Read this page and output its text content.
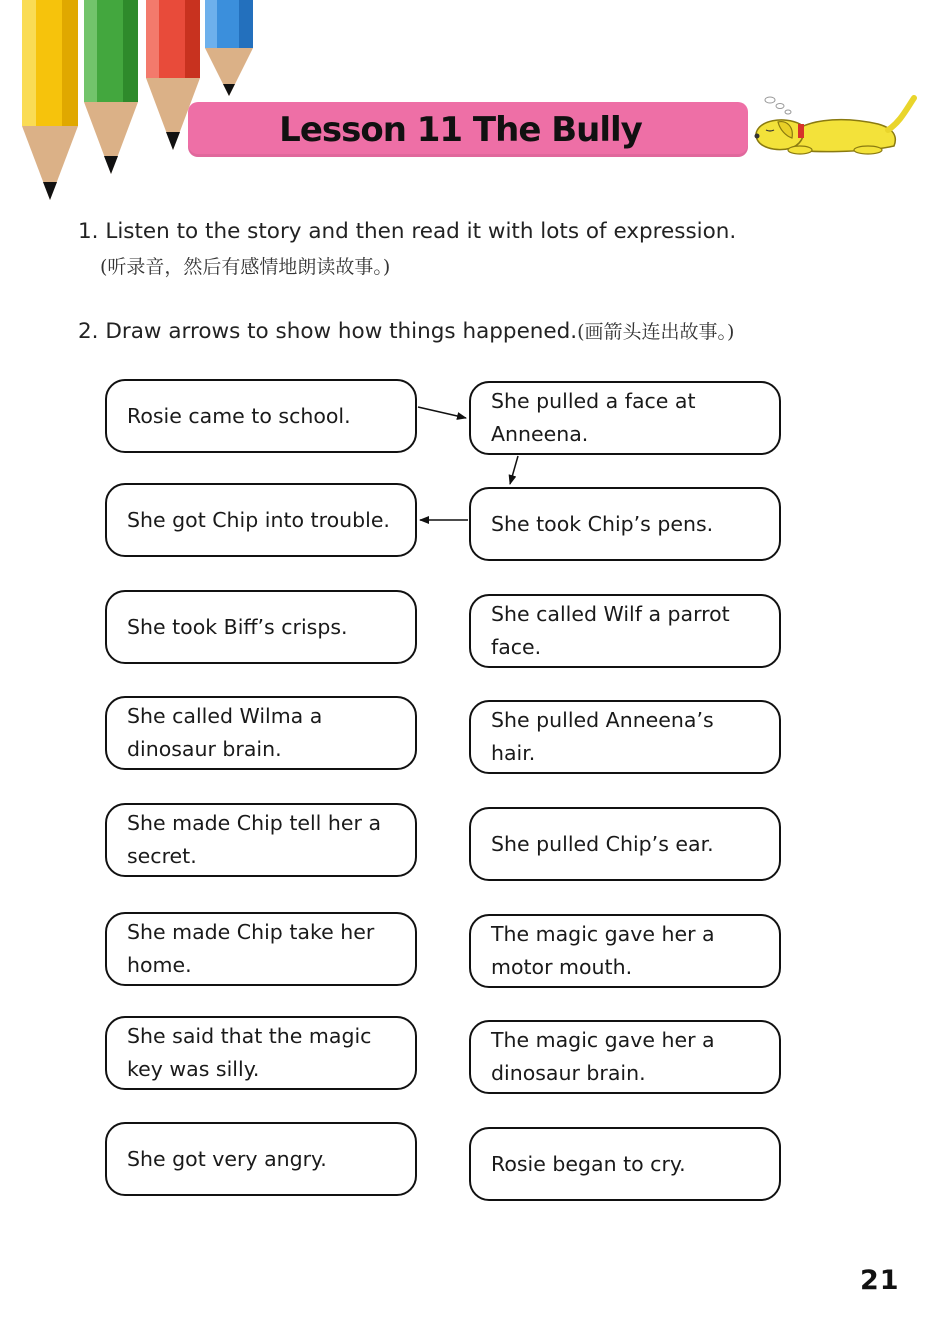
Lesson 11 The Bully
1. Listen to the story and then read it with lots of expression.
(听录音，然后有感情地朗读故事。)
2. Draw arrows to show how things happened.(画箭头连出故事。)
Rosie came to school.
She got Chip into trouble.
She took Biff’s crisps.
She called Wilma a dinosaur brain.
She made Chip tell her a secret.
She made Chip take her home.
She said that the magic key was silly.
She got very angry.
She pulled a face at Anneena.
She took Chip’s pens.
She called Wilf a parrot face.
She pulled Anneena’s hair.
She pulled Chip’s ear.
The magic gave her a motor mouth.
The magic gave her a dinosaur brain.
Rosie began to cry.
21
